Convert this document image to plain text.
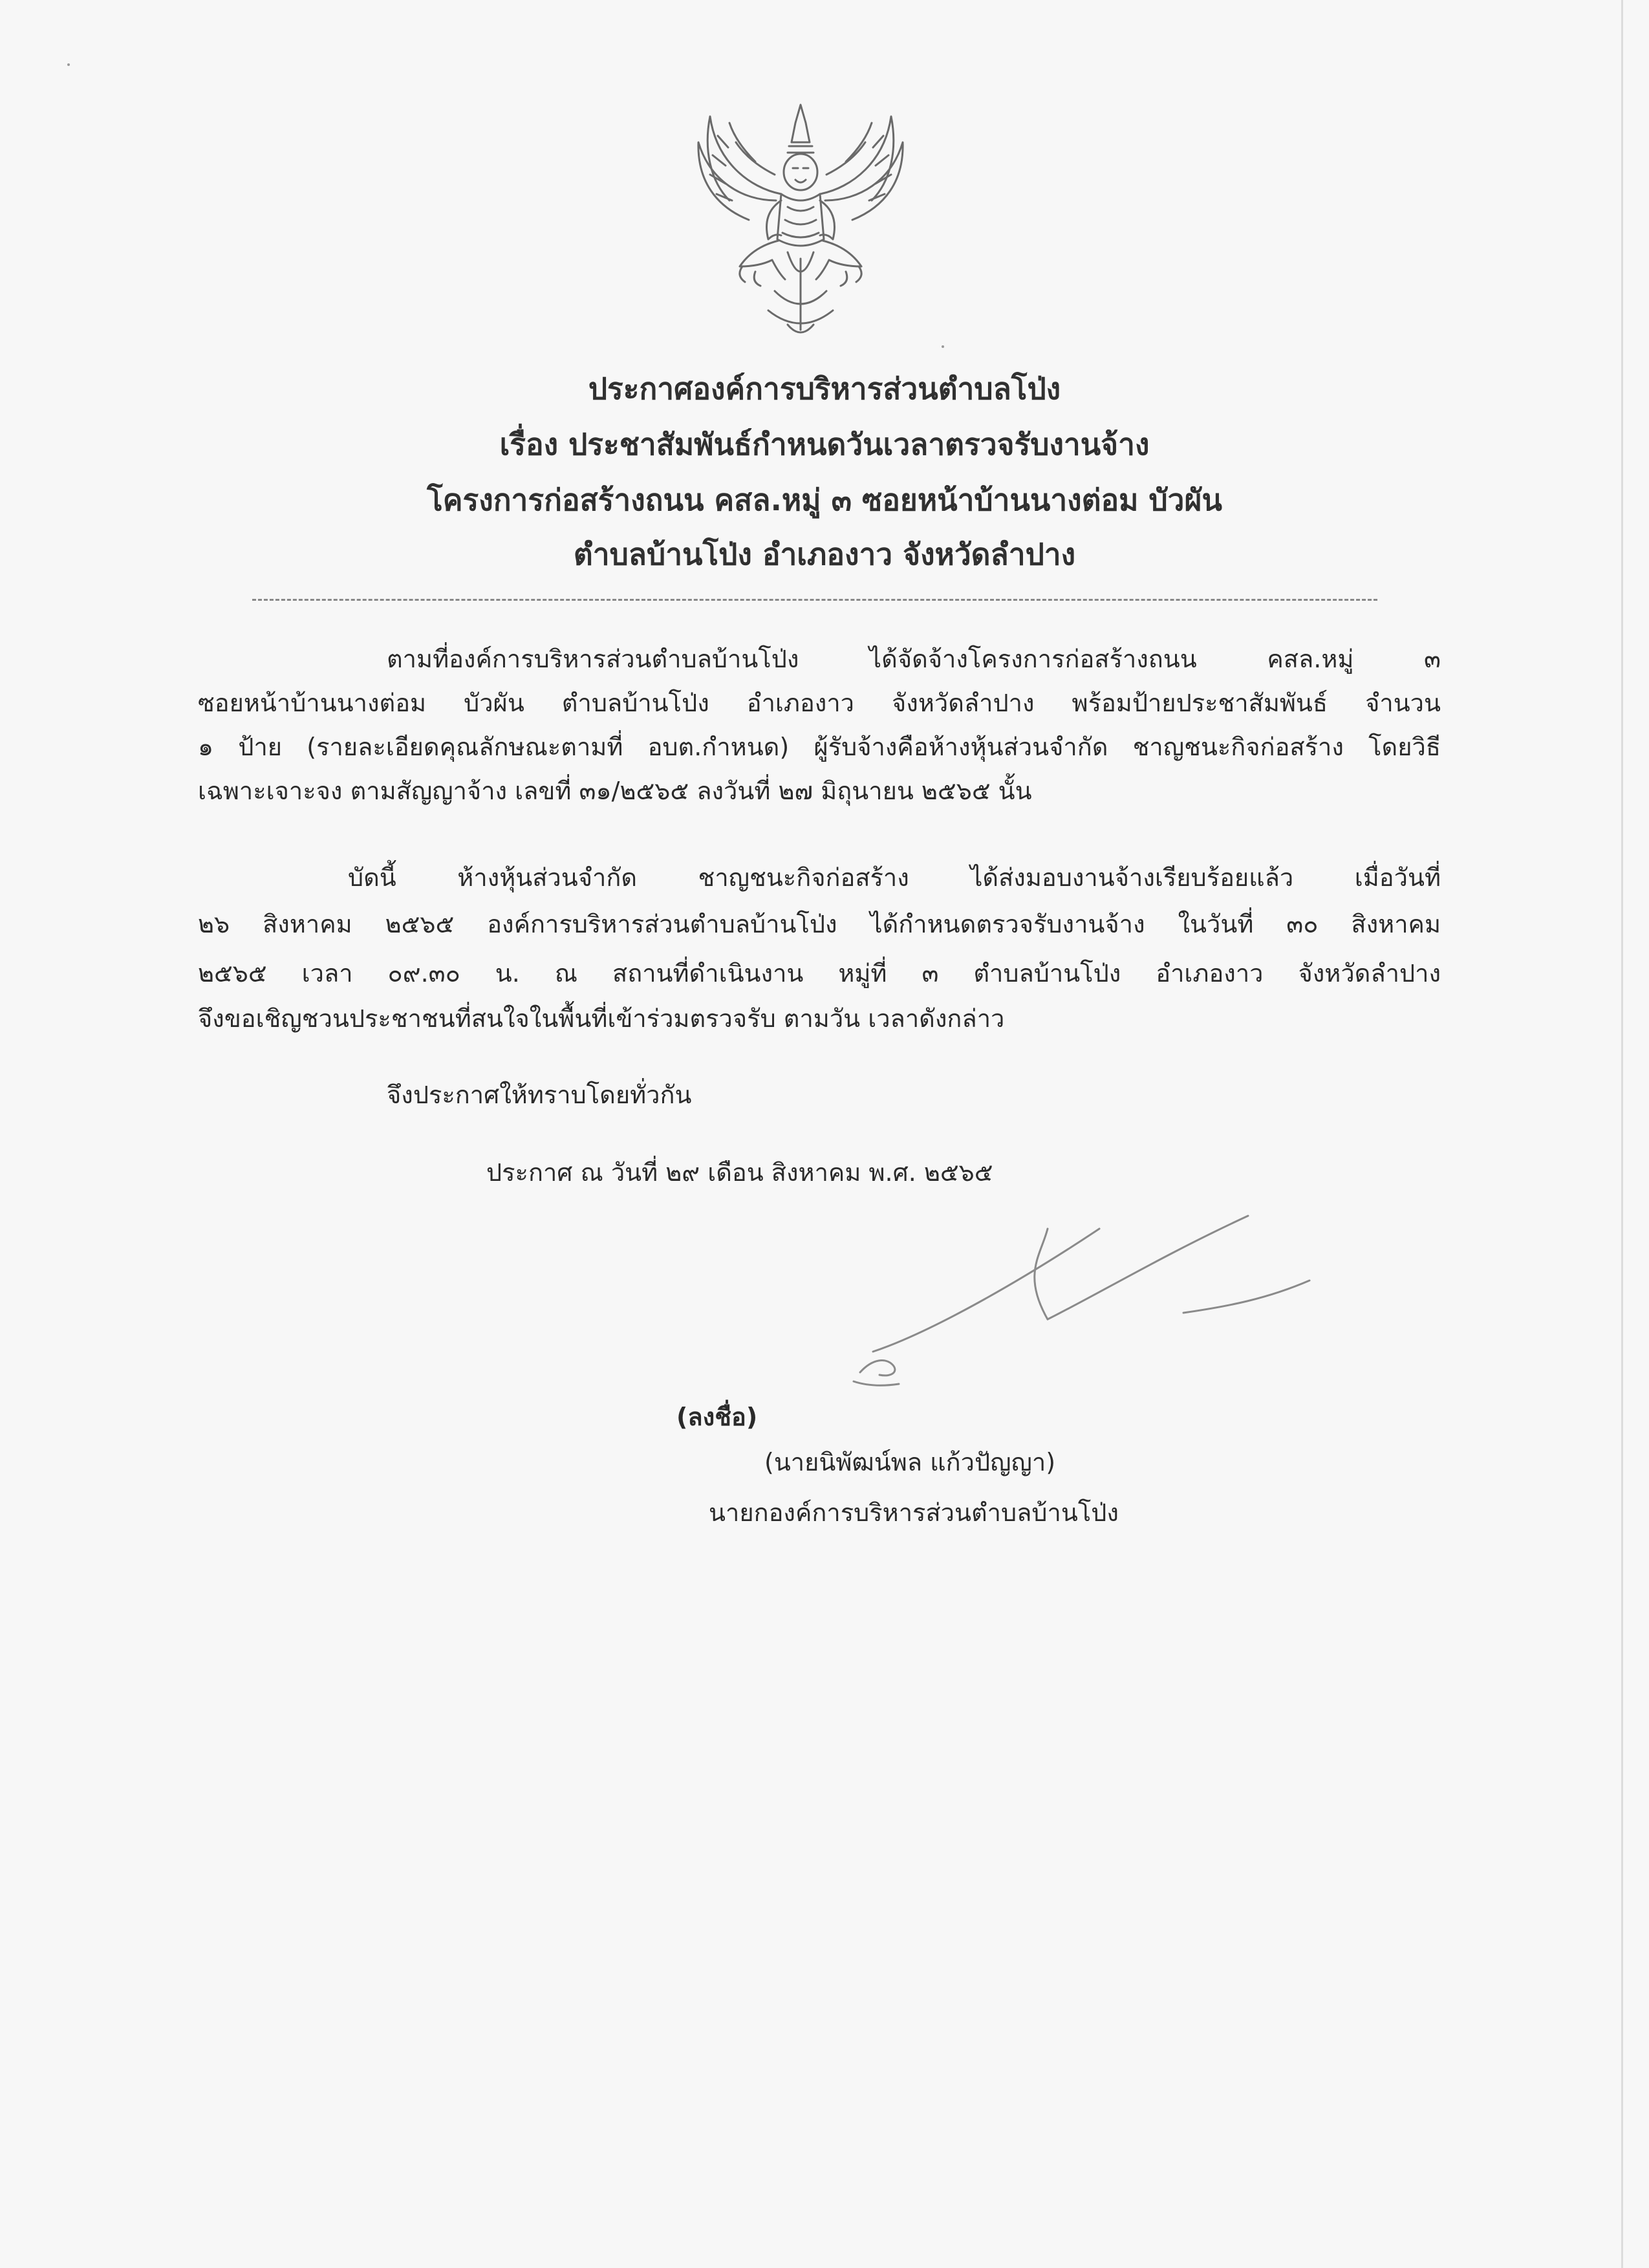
ประกาศองค์การบริหารส่วนตำบลโป่ง
เรื่อง ประชาสัมพันธ์กำหนดวันเวลาตรวจรับงานจ้าง
โครงการก่อสร้างถนน คสล.หมู่ ๓ ซอยหน้าบ้านนางต่อม บัวผัน
ตำบลบ้านโป่ง อำเภองาว จังหวัดลำปาง
ตามที่องค์การบริหารส่วนตำบลบ้านโป่ง ได้จัดจ้างโครงการก่อสร้างถนน คสล.หมู่ ๓
ซอยหน้าบ้านนางต่อม บัวผัน ตำบลบ้านโป่ง อำเภองาว จังหวัดลำปาง พร้อมป้ายประชาสัมพันธ์ จำนวน
๑ ป้าย (รายละเอียดคุณลักษณะตามที่ อบต.กำหนด) ผู้รับจ้างคือห้างหุ้นส่วนจำกัด ชาญชนะกิจก่อสร้าง โดยวิธี
เฉพาะเจาะจง ตามสัญญาจ้าง เลขที่ ๓๑/๒๕๖๕ ลงวันที่ ๒๗ มิถุนายน ๒๕๖๕ นั้น
บัดนี้ ห้างหุ้นส่วนจำกัด ชาญชนะกิจก่อสร้าง ได้ส่งมอบงานจ้างเรียบร้อยแล้ว เมื่อวันที่
๒๖ สิงหาคม ๒๕๖๕ องค์การบริหารส่วนตำบลบ้านโป่ง ได้กำหนดตรวจรับงานจ้าง ในวันที่ ๓๐ สิงหาคม
๒๕๖๕ เวลา ๐๙.๓๐ น. ณ สถานที่ดำเนินงาน หมู่ที่ ๓ ตำบลบ้านโป่ง อำเภองาว จังหวัดลำปาง
จึงขอเชิญชวนประชาชนที่สนใจในพื้นที่เข้าร่วมตรวจรับ ตามวัน เวลาดังกล่าว
จึงประกาศให้ทราบโดยทั่วกัน
ประกาศ ณ วันที่ ๒๙ เดือน สิงหาคม พ.ศ. ๒๕๖๕
(ลงชื่อ)
(นายนิพัฒน์พล แก้วปัญญา)
นายกองค์การบริหารส่วนตำบลบ้านโป่ง
